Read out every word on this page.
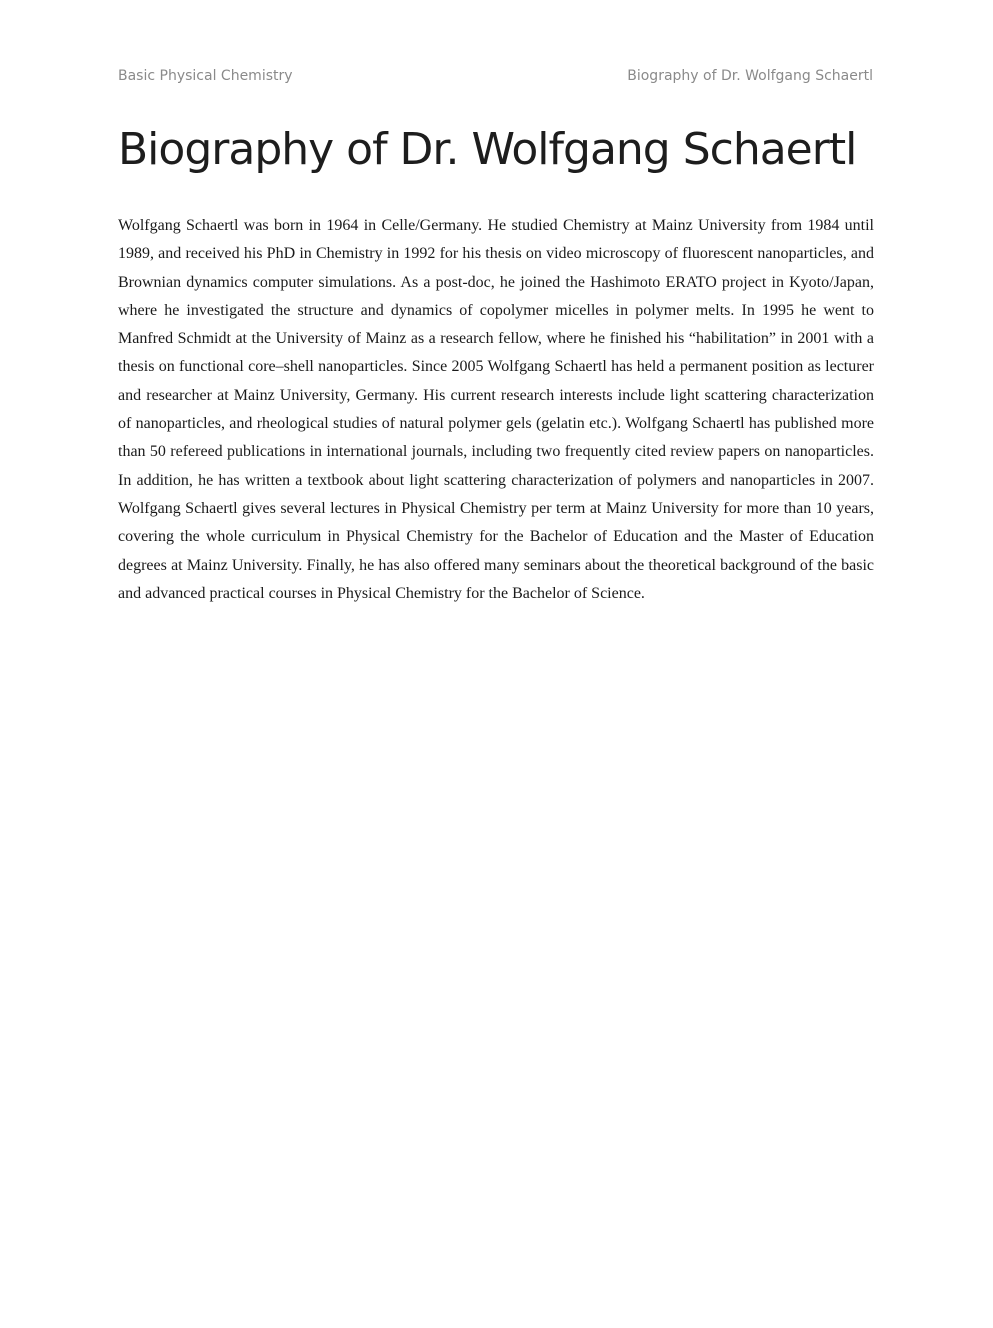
Basic Physical Chemistry	Biography of Dr. Wolfgang Schaertl
Biography of Dr. Wolfgang Schaertl

Wolfgang Schaertl was born in 1964 in Celle/Germany. He studied Chemistry at Mainz University from 1984 until 1989, and received his PhD in Chemistry in 1992 for his thesis on video microscopy of fluorescent nanoparticles, and Brownian dynamics computer simulations. As a post-doc, he joined the Hashimoto ERATO project in Kyoto/Japan, where he investigated the structure and dynamics of copolymer micelles in polymer melts. In 1995 he went to Manfred Schmidt at the University of Mainz as a research fellow, where he finished his “habilitation” in 2001 with a thesis on functional core–shell nanoparticles. Since 2005 Wolfgang Schaertl has held a permanent position as lecturer and researcher at Mainz University, Germany. His current research interests include light scattering characterization of nanoparticles, and rheological studies of natural polymer gels (gelatin etc.). Wolfgang Schaertl has published more than 50 refereed publications in international journals, including two frequently cited review papers on nanoparticles. In addition, he has written a textbook about light scattering characterization of polymers and nanoparticles in 2007. Wolfgang Schaertl gives several lectures in Physical Chemistry per term at Mainz University for more than 10 years, covering the whole curriculum in Physical Chemistry for the Bachelor of Education and the Master of Education degrees at Mainz University. Finally, he has also offered many seminars about the theoretical background of the basic and advanced practical courses in Physical Chemistry for the Bachelor of Science.
